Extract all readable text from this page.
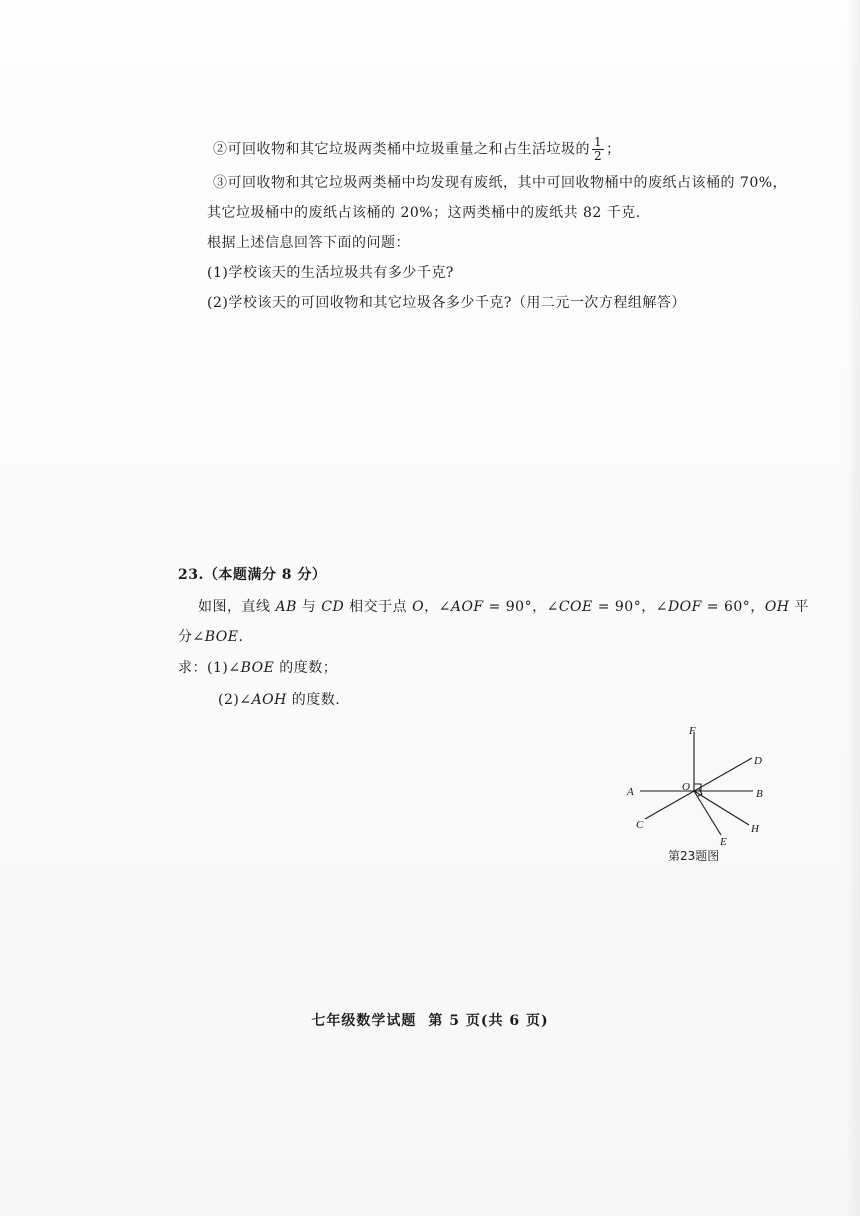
②可回收物和其它垃圾两类桶中垃圾重量之和占生活垃圾的 $\frac{1}{2}$ ；
③可回收物和其它垃圾两类桶中均发现有废纸，其中可回收物桶中的废纸占该桶的 70%，
其它垃圾桶中的废纸占该桶的 20%；这两类桶中的废纸共 82 千克.
根据上述信息回答下面的问题：
(1)学校该天的生活垃圾共有多少千克?
(2)学校该天的可回收物和其它垃圾各多少千克?（用二元一次方程组解答）
23.（本题满分 8 分）
如图，直线 AB 与 CD 相交于点 O，∠AOF = 90°，∠COE = 90°，∠DOF = 60°，OH 平
分∠BOE.
求：(1)∠BOE 的度数；
(2)∠AOH 的度数.
F
D
O
A	B
C	H
E
第23题图
七年级数学试题 第 5 页(共 6 页)
